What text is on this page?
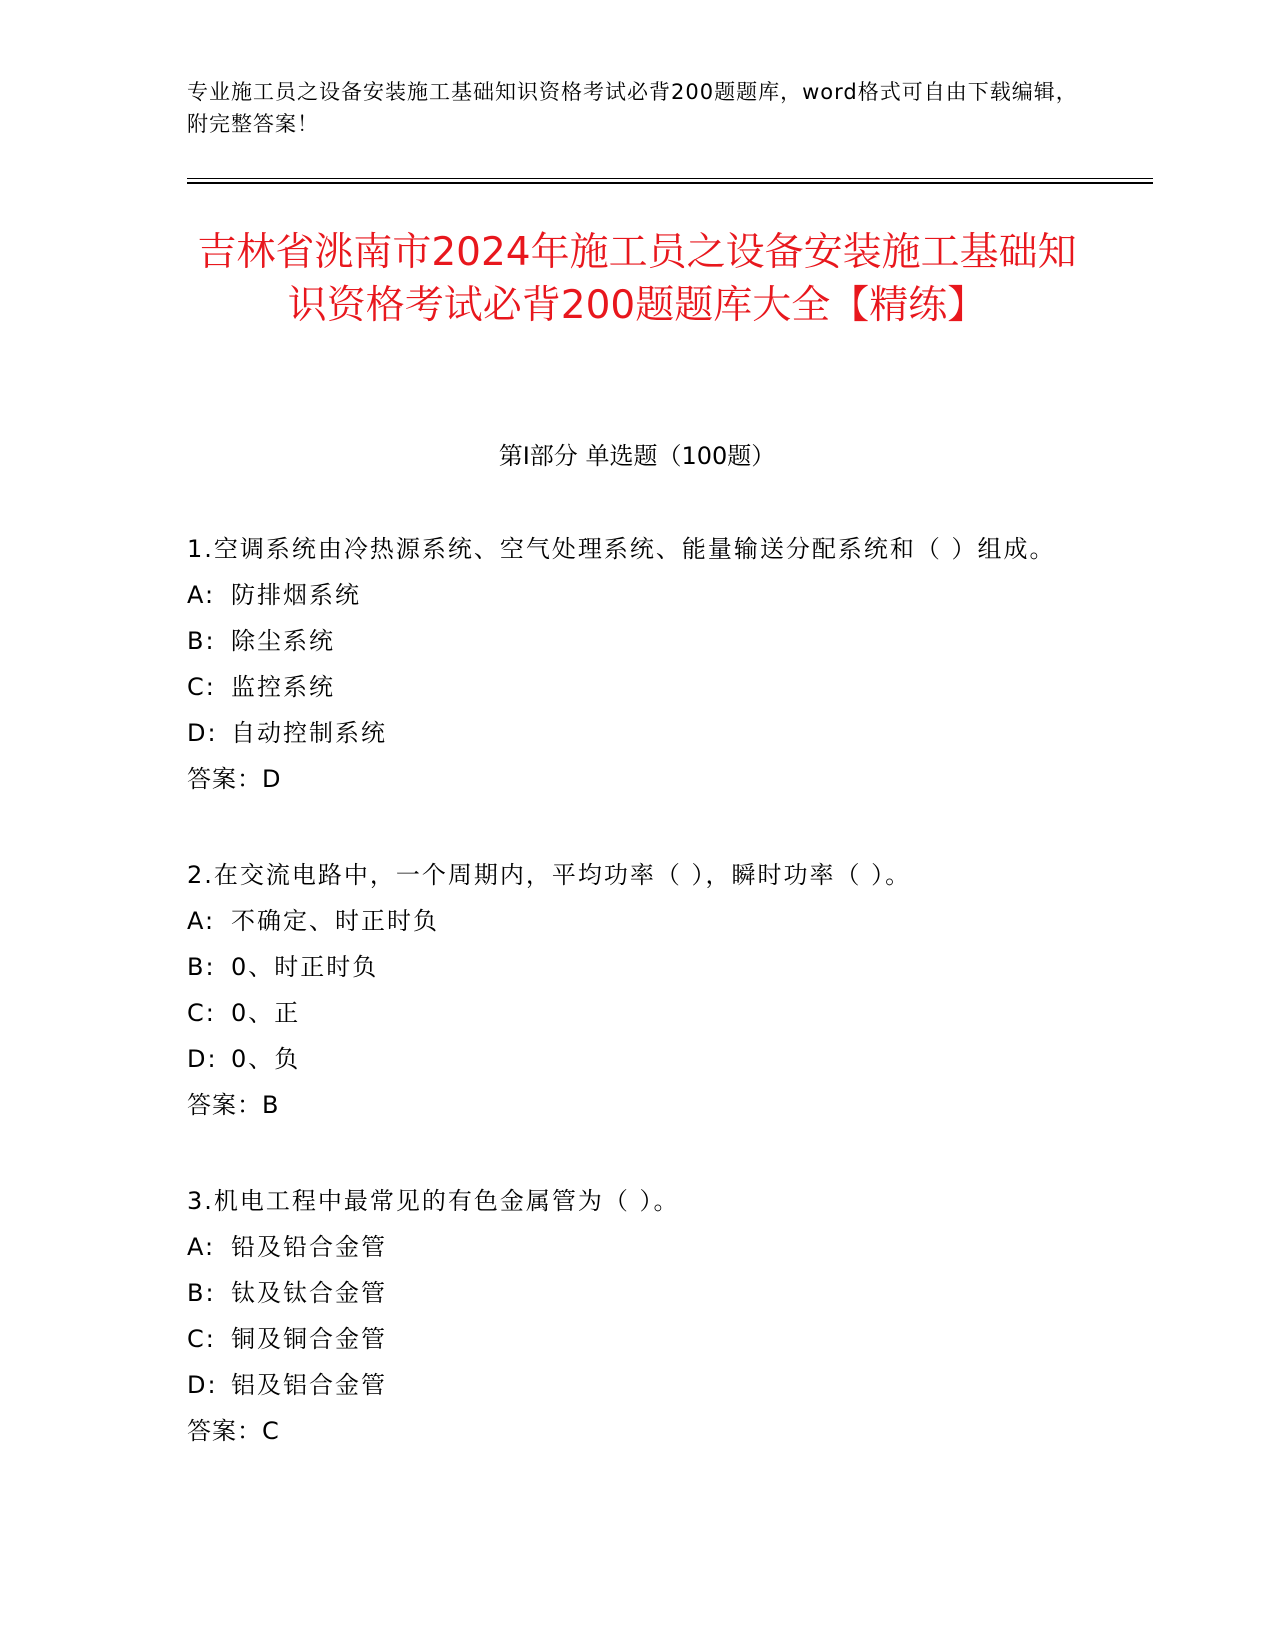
专业施工员之设备安装施工基础知识资格考试必背200题题库，word格式可自由下载编辑，附完整答案！
吉林省洮南市2024年施工员之设备安装施工基础知识资格考试必背200题题库大全【精练】
第Ⅰ部分 单选题（100题）
1.空调系统由冷热源系统、空气处理系统、能量输送分配系统和（ ）组成。
A: 防排烟系统
B: 除尘系统
C: 监控系统
D: 自动控制系统
答案：D
2.在交流电路中，一个周期内，平均功率（ ），瞬时功率（ ）。
A: 不确定、时正时负
B: 0、时正时负
C: 0、正
D: 0、负
答案：B
3.机电工程中最常见的有色金属管为（ ）。
A: 铅及铅合金管
B: 钛及钛合金管
C: 铜及铜合金管
D: 铝及铝合金管
答案：C
